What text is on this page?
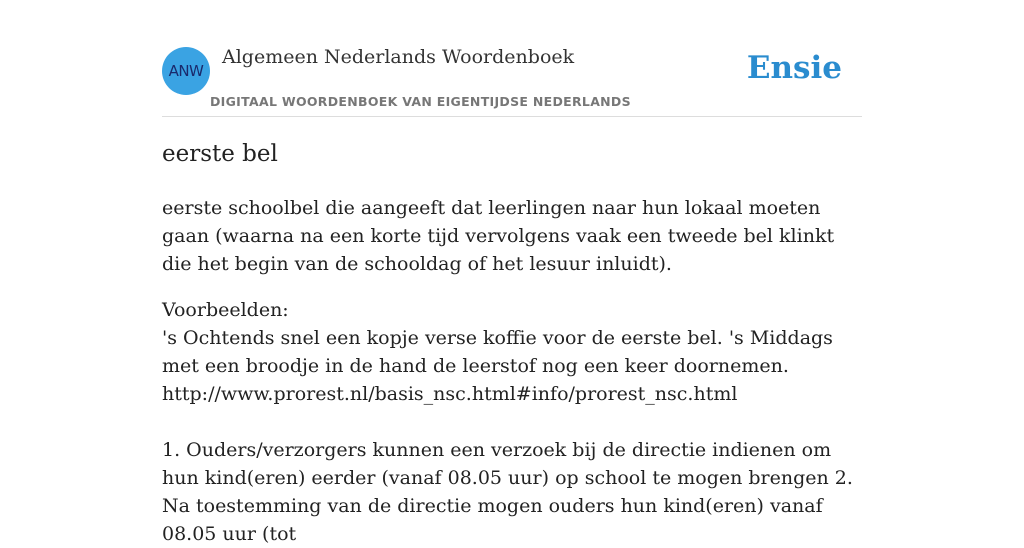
ANW
Algemeen Nederlands Woordenboek
DIGITAAL WOORDENBOEK VAN EIGENTIJDSE NEDERLANDS
Ensie
eerste bel

eerste schoolbel die aangeeft dat leerlingen naar hun lokaal moeten gaan (waarna na een korte tijd vervolgens vaak een tweede bel klinkt die het begin van de schooldag of het lesuur inluidt).

Voorbeelden:
's Ochtends snel een kopje verse koffie voor de eerste bel. 's Middags met een broodje in de hand de leerstof nog een keer doornemen.
http://www.prorest.nl/basis_nsc.html#info/prorest_nsc.html
1. Ouders/verzorgers kunnen een verzoek bij de directie indienen om hun kind(eren) eerder (vanaf 08.05 uur) op school te mogen brengen 2. Na toestemming van de directie mogen ouders hun kind(eren) vanaf 08.05 uur (tot
